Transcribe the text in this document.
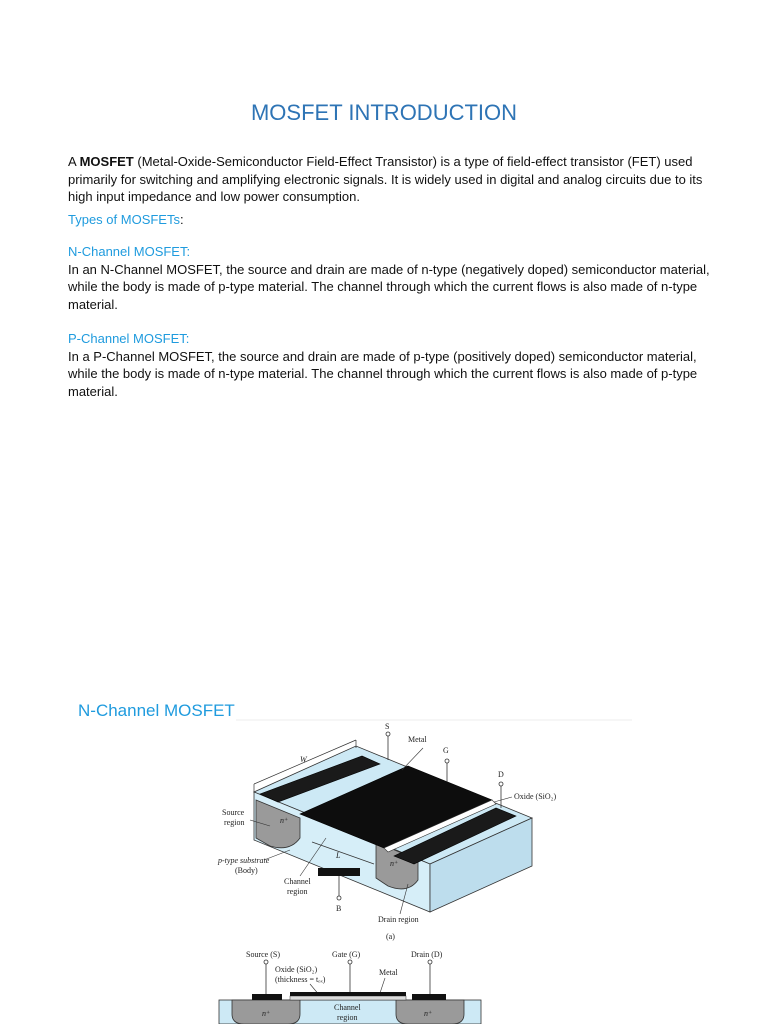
MOSFET INTRODUCTION

A MOSFET (Metal-Oxide-Semiconductor Field-Effect Transistor) is a type of field-effect transistor (FET) used primarily for switching and amplifying electronic signals. It is widely used in digital and analog circuits due to its high input impedance and low power consumption.

Types of MOSFETs:

N-Channel MOSFET:

In an N-Channel MOSFET, the source and drain are made of n-type (negatively doped) semiconductor material, while the body is made of p-type material. The channel through which the current flows is also made of n-type material.

P-Channel MOSFET:

In a P-Channel MOSFET, the source and drain are made of p-type (positively doped) semiconductor material, while the body is made of n-type material. The channel through which the current flows is also made of p-type material.

N-Channel MOSFET
S
G
D
B
W
L
Metal
Oxide (SiO₂)
Source
region	n⁺
n⁺
p-type substrate
(Body)
Channel
region
Drain region
(a)
Source (S)	Gate (G)	Drain (D)
Oxide (SiO₂)
(thickness = tₒₓ)
Metal
n⁺	n⁺
Channel
region
